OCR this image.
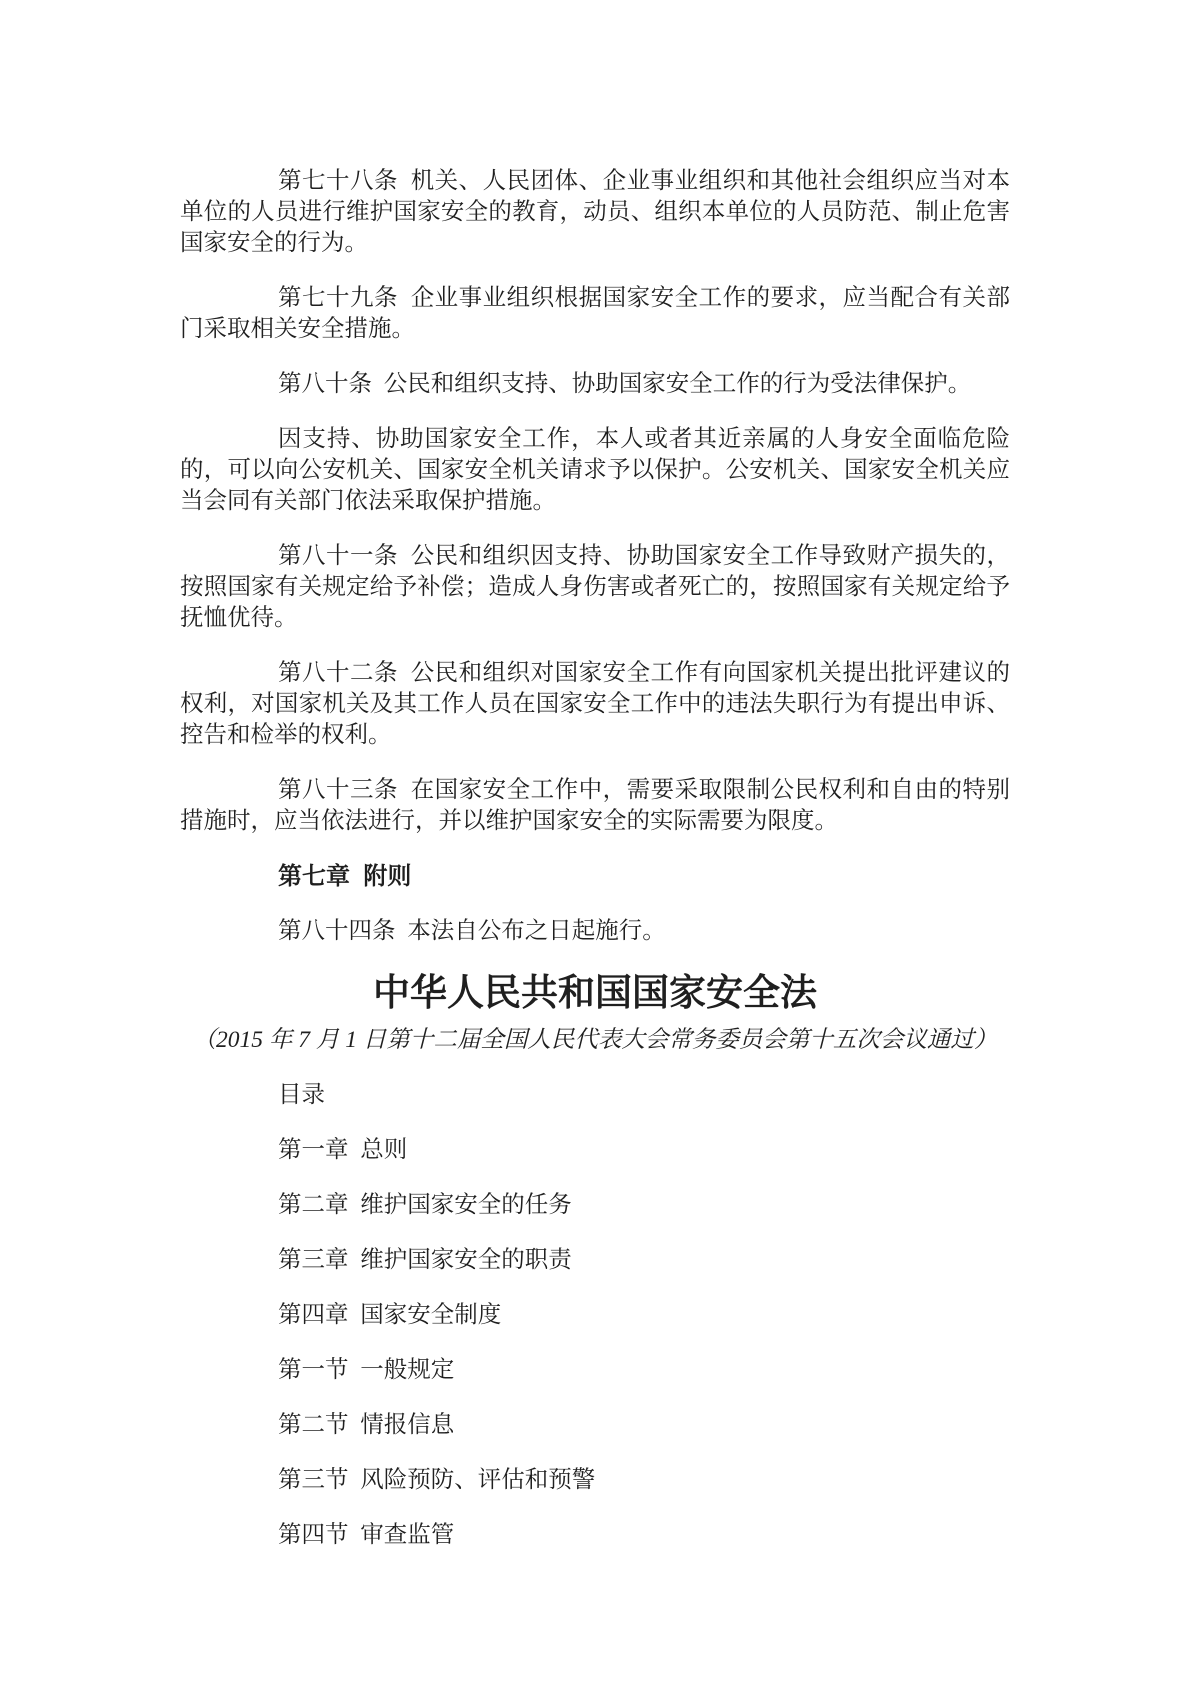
第七十八条  机关、人民团体、企业事业组织和其他社会组织应当对本单位的人员进行维护国家安全的教育，动员、组织本单位的人员防范、制止危害国家安全的行为。

第七十九条  企业事业组织根据国家安全工作的要求，应当配合有关部门采取相关安全措施。

第八十条  公民和组织支持、协助国家安全工作的行为受法律保护。

因支持、协助国家安全工作，本人或者其近亲属的人身安全面临危险的，可以向公安机关、国家安全机关请求予以保护。公安机关、国家安全机关应当会同有关部门依法采取保护措施。

第八十一条  公民和组织因支持、协助国家安全工作导致财产损失的，按照国家有关规定给予补偿；造成人身伤害或者死亡的，按照国家有关规定给予抚恤优待。

第八十二条  公民和组织对国家安全工作有向国家机关提出批评建议的权利，对国家机关及其工作人员在国家安全工作中的违法失职行为有提出申诉、控告和检举的权利。

第八十三条  在国家安全工作中，需要采取限制公民权利和自由的特别措施时，应当依法进行，并以维护国家安全的实际需要为限度。

第七章  附则

第八十四条  本法自公布之日起施行。

中华人民共和国国家安全法

（2015 年 7 月 1 日第十二届全国人民代表大会常务委员会第十五次会议通过）

目录

第一章  总则

第二章  维护国家安全的任务

第三章  维护国家安全的职责

第四章  国家安全制度

第一节  一般规定

第二节  情报信息

第三节  风险预防、评估和预警

第四节  审查监管
